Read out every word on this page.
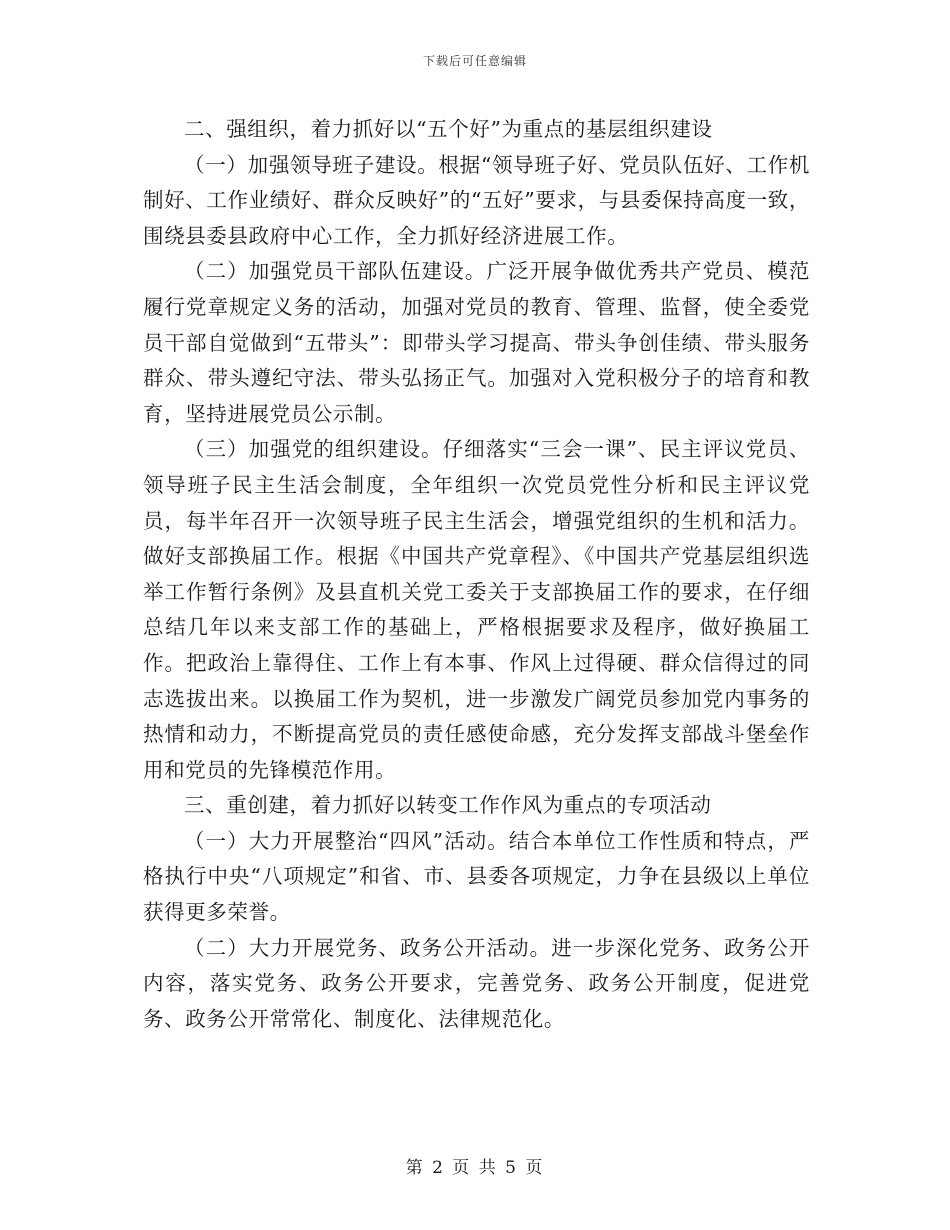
下载后可任意编辑

二、强组织，着力抓好以“五个好”为重点的基层组织建设

（一）加强领导班子建设。根据“领导班子好、党员队伍好、工作机制好、工作业绩好、群众反映好”的“五好”要求，与县委保持高度一致，围绕县委县政府中心工作，全力抓好经济进展工作。

（二）加强党员干部队伍建设。广泛开展争做优秀共产党员、模范履行党章规定义务的活动，加强对党员的教育、管理、监督，使全委党员干部自觉做到“五带头”：即带头学习提高、带头争创佳绩、带头服务群众、带头遵纪守法、带头弘扬正气。加强对入党积极分子的培育和教育，坚持进展党员公示制。

（三）加强党的组织建设。仔细落实“三会一课”、民主评议党员、领导班子民主生活会制度，全年组织一次党员党性分析和民主评议党员，每半年召开一次领导班子民主生活会，增强党组织的生机和活力。做好支部换届工作。根据《中国共产党章程》、《中国共产党基层组织选举工作暂行条例》及县直机关党工委关于支部换届工作的要求，在仔细总结几年以来支部工作的基础上，严格根据要求及程序，做好换届工作。把政治上靠得住、工作上有本事、作风上过得硬、群众信得过的同志选拔出来。以换届工作为契机，进一步激发广阔党员参加党内事务的热情和动力，不断提高党员的责任感使命感，充分发挥支部战斗堡垒作用和党员的先锋模范作用。

三、重创建，着力抓好以转变工作作风为重点的专项活动

（一）大力开展整治“四风”活动。结合本单位工作性质和特点，严格执行中央“八项规定”和省、市、县委各项规定，力争在县级以上单位获得更多荣誉。

（二）大力开展党务、政务公开活动。进一步深化党务、政务公开内容，落实党务、政务公开要求，完善党务、政务公开制度，促进党务、政务公开常常化、制度化、法律规范化。

第 2 页 共 5 页
